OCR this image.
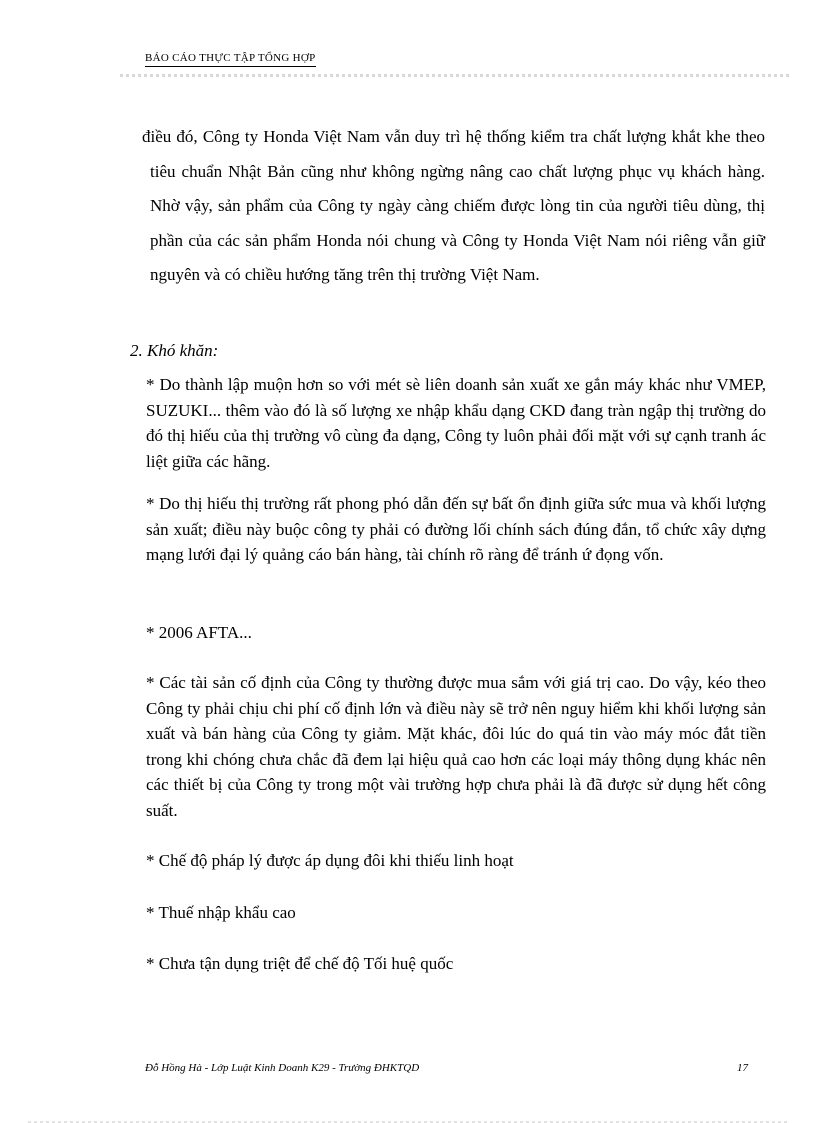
BÁO CÁO THỰC TẬP TỔNG HỢP
điều đó, Công ty Honda Việt Nam vẫn duy trì hệ thống kiểm tra chất lượng khắt khe theo tiêu chuẩn Nhật Bản cũng như không ngừng nâng cao chất lượng phục vụ khách hàng. Nhờ vậy, sản phẩm của Công ty ngày càng chiếm được lòng tin của người tiêu dùng, thị phần của các sản phẩm Honda nói chung và Công ty Honda Việt Nam nói riêng vẫn giữ nguyên và có chiều hướng tăng trên thị trường Việt Nam.
2. Khó khăn:
* Do thành lập muộn hơn so với mét sè liên doanh sản xuất xe gắn máy khác như VMEP, SUZUKI... thêm vào đó là số lượng xe nhập khẩu dạng CKD đang tràn ngập thị trường do đó thị hiếu của thị trường vô cùng đa dạng, Công ty luôn phải đối mặt với sự cạnh tranh ác liệt giữa các hãng.
* Do thị hiếu thị trường rất phong phó dẫn đến sự bất ổn định giữa sức mua và khối lượng sản xuất; điều này buộc công ty phải có đường lối chính sách đúng đắn, tổ chức xây dựng mạng lưới đại lý quảng cáo bán hàng, tài chính rõ ràng để tránh ứ đọng vốn.
* 2006 AFTA...
* Các tài sản cố định của Công ty thường được mua sắm với giá trị cao. Do vậy, kéo theo Công ty phải chịu chi phí cố định lớn và điều này sẽ trở nên nguy hiểm khi khối lượng sản xuất và bán hàng của Công ty giảm. Mặt khác, đôi lúc do quá tin vào máy móc đắt tiền trong khi chóng chưa chắc đã đem lại hiệu quả cao hơn các loại máy thông dụng khác nên các thiết bị của Công ty trong một vài trường hợp chưa phải là đã được sử dụng hết công suất.
* Chế độ pháp lý được áp dụng đôi khi thiếu linh hoạt
* Thuế nhập khẩu cao
* Chưa tận dụng triệt để chế độ Tối huệ quốc
Đỗ Hồng Hà - Lớp Luật Kinh Doanh K29 - Trường ĐHKTQD	17
